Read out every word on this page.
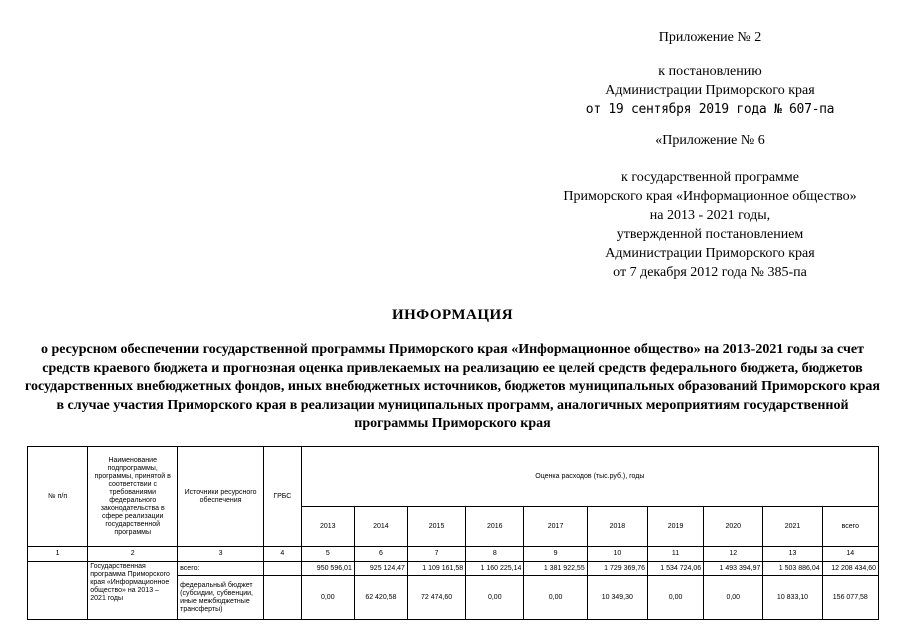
Приложение № 2
к постановлению
Администрации Приморского края
от 19 сентября 2019 года № 607-па
«Приложение № 6
к государственной программе
Приморского края «Информационное общество»
на 2013 - 2021 годы,
утвержденной постановлением
Администрации Приморского края
от 7 декабря 2012 года № 385-па
ИНФОРМАЦИЯ
о ресурсном обеспечении государственной программы Приморского края «Информационное общество» на 2013-2021 годы за счет средств краевого бюджета и прогнозная оценка привлекаемых на реализацию ее целей средств федерального бюджета, бюджетов государственных внебюджетных фондов, иных внебюджетных источников, бюджетов муниципальных образований Приморского края в случае участия Приморского края в реализации муниципальных программ, аналогичных мероприятиям государственной программы Приморского края
№ п/п	Наименование подпрограммы, программы, принятой в соответствии с требованиями федерального законодательства в сфере реализации государственной программы	Источники ресурсного обеспечения	ГРБС	Оценка расходов (тыс.руб.), годы									
				2013	2014	2015	2016	2017	2018	2019	2020	2021	всего
1	2	3	4	5	6	7	8	9	10	11	12	13	14
	Государственная программа Приморского края «Информационное общество» на 2013 – 2021 годы	всего:		950 596,01	925 124,47	1 109 161,58	1 160 225,14	1 381 922,55	1 729 369,76	1 534 724,06	1 493 394,97	1 503 886,04	12 208 434,60
		федеральный бюджет (субсидии, субвенции, иные межбюджетные трансферты)		0,00	62 420,58	72 474,60	0,00	0,00	10 349,30	0,00	0,00	10 833,10	156 077,58
